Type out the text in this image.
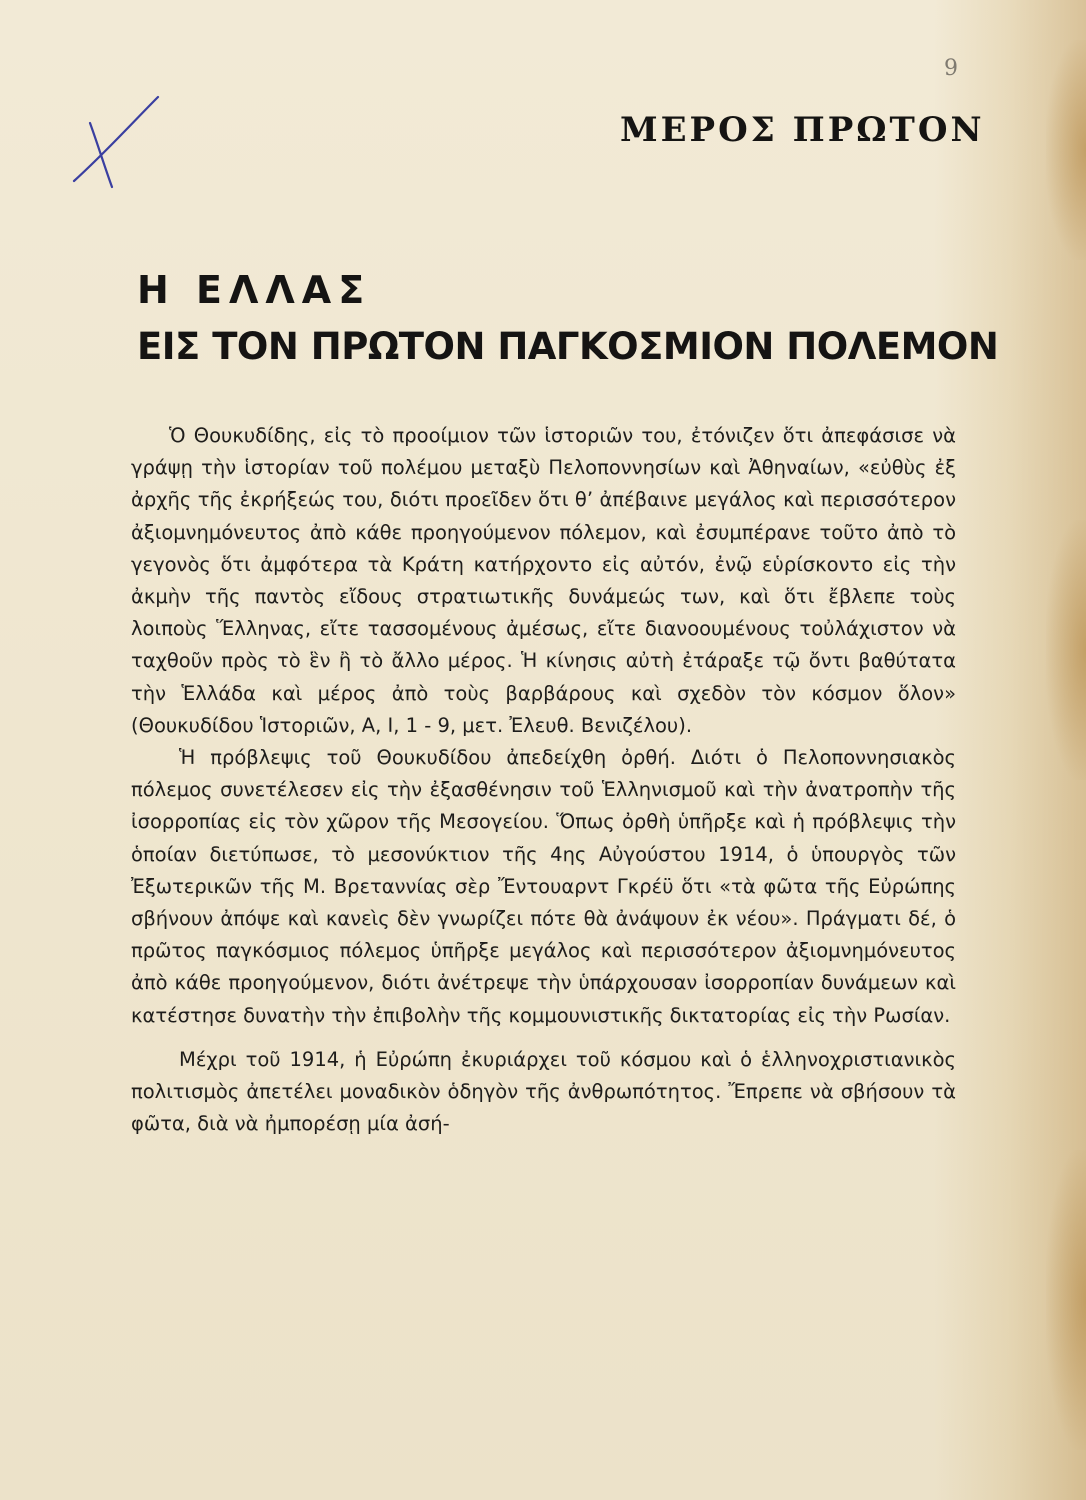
9
ΜΕΡΟΣ ΠΡΩΤΟΝ
Η ΕΛΛΑΣ
ΕΙΣ ΤΟΝ ΠΡΩΤΟΝ ΠΑΓΚΟΣΜΙΟΝ ΠΟΛΕΜΟΝ

Ὁ Θουκυδίδης, εἰς τὸ προοίμιον τῶν ἱστοριῶν του, ἐτόνιζεν ὅτι ἀπεφάσισε νὰ γράψῃ τὴν ἱστορίαν τοῦ πολέμου μεταξὺ Πελοποννησίων καὶ Ἀθηναίων, «εὐθὺς ἐξ ἀρχῆς τῆς ἐκρήξεώς του, διότι προεῖδεν ὅτι θ’ ἀπέβαινε μεγάλος καὶ περισσότερον ἀξιομνημόνευτος ἀπὸ κάθε προηγούμενον πόλεμον, καὶ ἐσυμπέρανε τοῦτο ἀπὸ τὸ γεγονὸς ὅτι ἀμφότερα τὰ Κράτη κατήρχοντο εἰς αὐτόν, ἐνῷ εὑρίσκοντο εἰς τὴν ἀκμὴν τῆς παντὸς εἴδους στρατιωτικῆς δυνάμεώς των, καὶ ὅτι ἔβλεπε τοὺς λοιποὺς Ἕλληνας, εἴτε τασσομένους ἀμέσως, εἴτε διανοουμένους τοὐλάχιστον νὰ ταχθοῦν πρὸς τὸ ἓν ἢ τὸ ἄλλο μέρος. Ἡ κίνησις αὐτὴ ἐτάραξε τῷ ὄντι βαθύτατα τὴν Ἑλλάδα καὶ μέρος ἀπὸ τοὺς βαρβάρους καὶ σχεδὸν τὸν κόσμον ὅλον» (Θουκυδίδου Ἱστοριῶν, Α, Ι, 1 - 9, μετ. Ἐλευθ. Βενιζέλου).

Ἡ πρόβλεψις τοῦ Θουκυδίδου ἀπεδείχθη ὀρθή. Διότι ὁ Πελοποννησιακὸς πόλεμος συνετέλεσεν εἰς τὴν ἐξασθένησιν τοῦ Ἑλληνισμοῦ καὶ τὴν ἀνατροπὴν τῆς ἰσορροπίας εἰς τὸν χῶρον τῆς Μεσογείου. Ὅπως ὀρθὴ ὑπῆρξε καὶ ἡ πρόβλεψις τὴν ὁποίαν διετύπωσε, τὸ μεσονύκτιον τῆς 4ης Αὐγούστου 1914, ὁ ὑπουργὸς τῶν Ἐξωτερικῶν τῆς Μ. Βρεταννίας σὲρ Ἔντουαρντ Γκρέϋ ὅτι «τὰ φῶτα τῆς Εὐρώπης σβήνουν ἀπόψε καὶ κανεὶς δὲν γνωρίζει πότε θὰ ἀνάψουν ἐκ νέου». Πράγματι δέ, ὁ πρῶτος παγκόσμιος πόλεμος ὑπῆρξε μεγάλος καὶ περισσότερον ἀξιομνημόνευτος ἀπὸ κάθε προηγούμενον, διότι ἀνέτρεψε τὴν ὑπάρχουσαν ἰσορροπίαν δυνάμεων καὶ κατέστησε δυνατὴν τὴν ἐπιβολὴν τῆς κομμουνιστικῆς δικτατορίας εἰς τὴν Ρωσίαν.

Μέχρι τοῦ 1914, ἡ Εὐρώπη ἐκυριάρχει τοῦ κόσμου καὶ ὁ ἑλληνοχριστιανικὸς πολιτισμὸς ἀπετέλει μοναδικὸν ὁδηγὸν τῆς ἀνθρωπότητος. Ἔπρεπε νὰ σβήσουν τὰ φῶτα, διὰ νὰ ἠμπορέσῃ μία ἀσή-
